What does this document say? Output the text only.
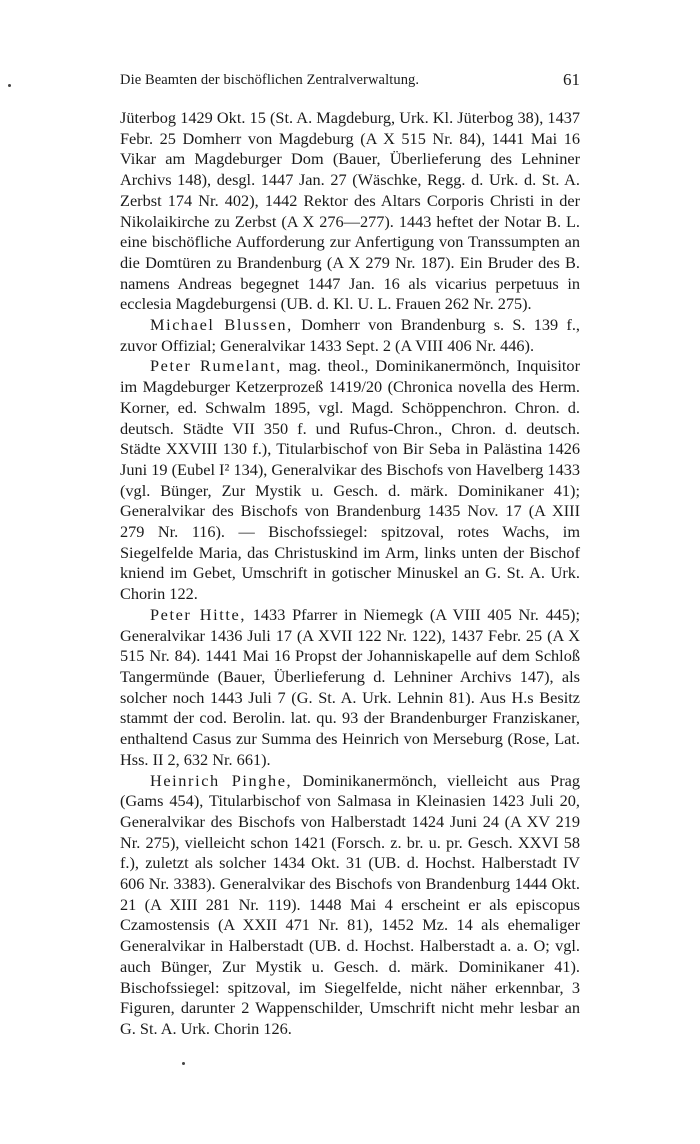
Die Beamten der bischöflichen Zentralverwaltung.	61

Jüterbog 1429 Okt. 15 (St. A. Magdeburg, Urk. Kl. Jüterbog 38), 1437 Febr. 25 Domherr von Magdeburg (A X 515 Nr. 84), 1441 Mai 16 Vikar am Magdeburger Dom (Bauer, Überlieferung des Lehniner Archivs 148), desgl. 1447 Jan. 27 (Wäschke, Regg. d. Urk. d. St. A. Zerbst 174 Nr. 402), 1442 Rektor des Altars Corporis Christi in der Nikolaikirche zu Zerbst (A X 276—277). 1443 heftet der Notar B. L. eine bischöfliche Aufforderung zur Anfertigung von Transsumpten an die Domtüren zu Brandenburg (A X 279 Nr. 187). Ein Bruder des B. namens Andreas begegnet 1447 Jan. 16 als vicarius perpetuus in ecclesia Magdeburgensi (UB. d. Kl. U. L. Frauen 262 Nr. 275).

Michael Blussen, Domherr von Brandenburg s. S. 139 f., zuvor Offizial; Generalvikar 1433 Sept. 2 (A VIII 406 Nr. 446).

Peter Rumelant, mag. theol., Dominikanermönch, Inquisitor im Magdeburger Ketzerprozeß 1419/20 (Chronica novella des Herm. Korner, ed. Schwalm 1895, vgl. Magd. Schöppenchron. Chron. d. deutsch. Städte VII 350 f. und Rufus-Chron., Chron. d. deutsch. Städte XXVIII 130 f.), Titularbischof von Bir Seba in Palästina 1426 Juni 19 (Eubel I² 134), Generalvikar des Bischofs von Havelberg 1433 (vgl. Bünger, Zur Mystik u. Gesch. d. märk. Dominikaner 41); Generalvikar des Bischofs von Brandenburg 1435 Nov. 17 (A XIII 279 Nr. 116). — Bischofssiegel: spitzoval, rotes Wachs, im Siegelfelde Maria, das Christuskind im Arm, links unten der Bischof kniend im Gebet, Umschrift in gotischer Minuskel an G. St. A. Urk. Chorin 122.

Peter Hitte, 1433 Pfarrer in Niemegk (A VIII 405 Nr. 445); Generalvikar 1436 Juli 17 (A XVII 122 Nr. 122), 1437 Febr. 25 (A X 515 Nr. 84). 1441 Mai 16 Propst der Johanniskapelle auf dem Schloß Tangermünde (Bauer, Überlieferung d. Lehniner Archivs 147), als solcher noch 1443 Juli 7 (G. St. A. Urk. Lehnin 81). Aus H.s Besitz stammt der cod. Berolin. lat. qu. 93 der Brandenburger Franziskaner, enthaltend Casus zur Summa des Heinrich von Merseburg (Rose, Lat. Hss. II 2, 632 Nr. 661).

Heinrich Pinghe, Dominikanermönch, vielleicht aus Prag (Gams 454), Titularbischof von Salmasa in Kleinasien 1423 Juli 20, Generalvikar des Bischofs von Halberstadt 1424 Juni 24 (A XV 219 Nr. 275), vielleicht schon 1421 (Forsch. z. br. u. pr. Gesch. XXVI 58 f.), zuletzt als solcher 1434 Okt. 31 (UB. d. Hochst. Halberstadt IV 606 Nr. 3383). Generalvikar des Bischofs von Brandenburg 1444 Okt. 21 (A XIII 281 Nr. 119). 1448 Mai 4 erscheint er als episcopus Czamostensis (A XXII 471 Nr. 81), 1452 Mz. 14 als ehemaliger Generalvikar in Halberstadt (UB. d. Hochst. Halberstadt a. a. O; vgl. auch Bünger, Zur Mystik u. Gesch. d. märk. Dominikaner 41). Bischofssiegel: spitzoval, im Siegelfelde, nicht näher erkennbar, 3 Figuren, darunter 2 Wappenschilder, Umschrift nicht mehr lesbar an G. St. A. Urk. Chorin 126.
